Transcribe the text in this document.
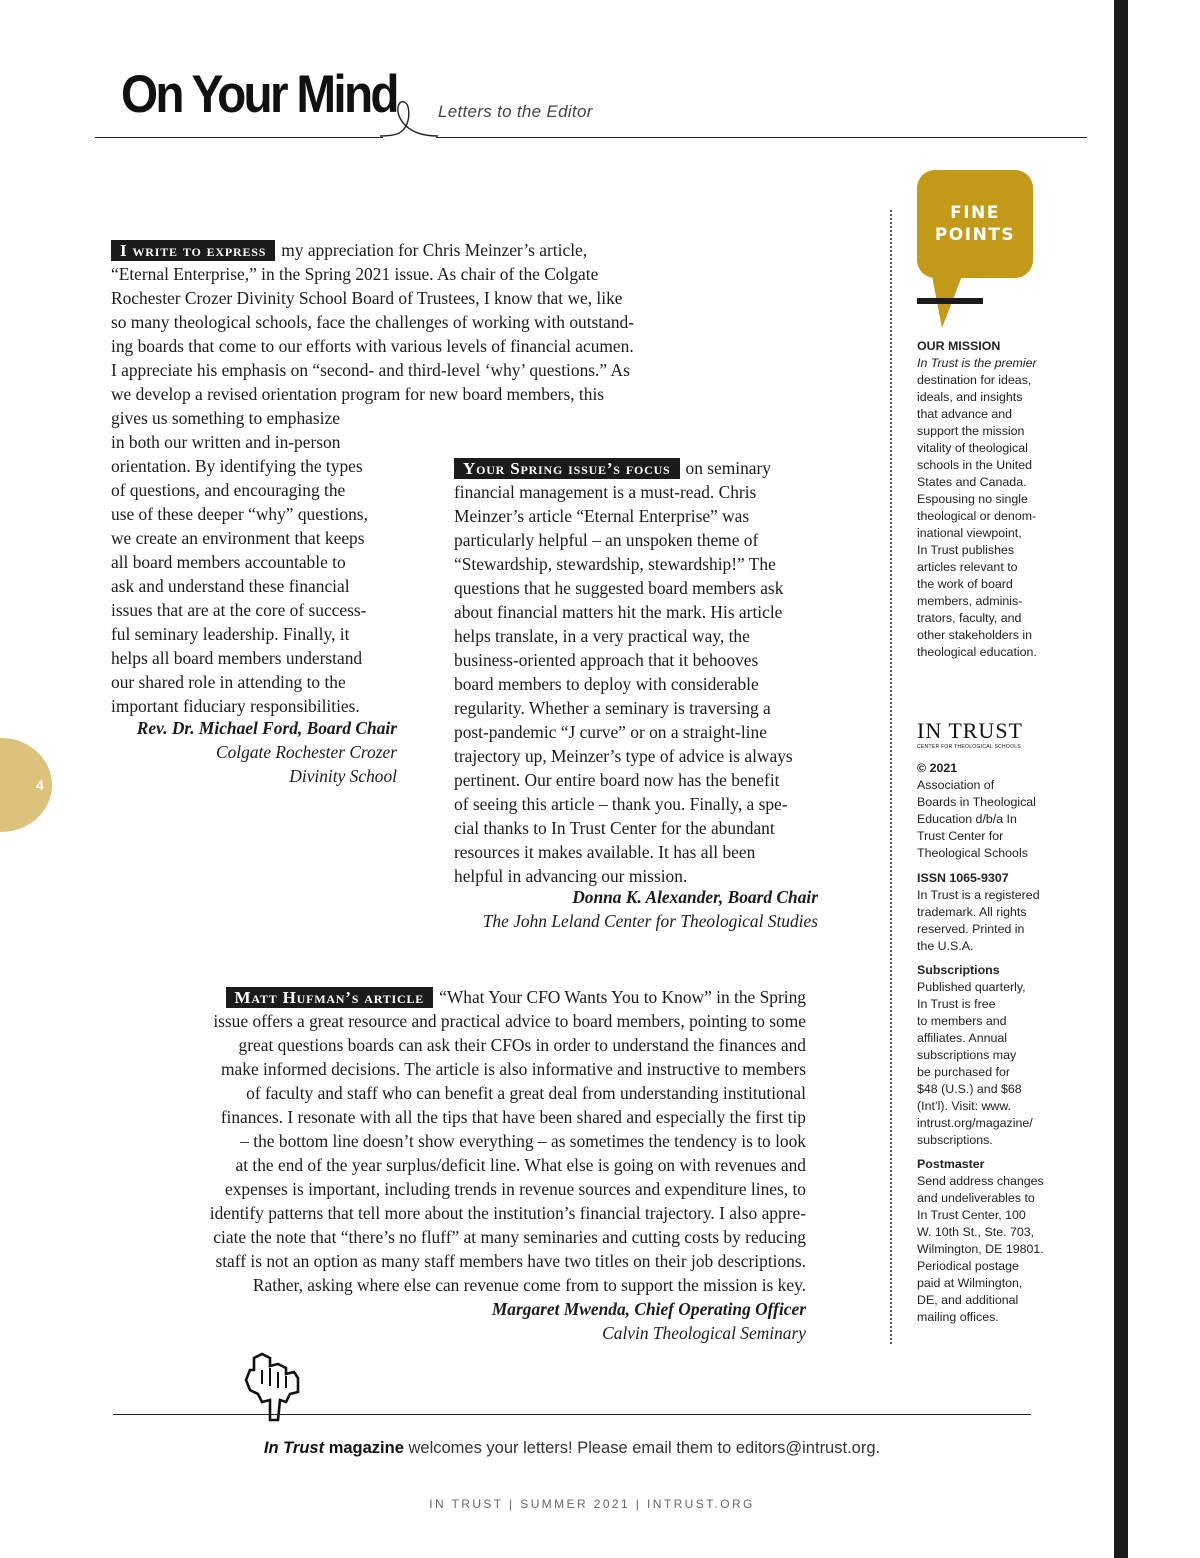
On Your Mind Letters to the Editor
I write to express my appreciation for Chris Meinzer’s article,
“Eternal Enterprise,” in the Spring 2021 issue. As chair of the Colgate
Rochester Crozer Divinity School Board of Trustees, I know that we, like
so many theological schools, face the challenges of working with outstand-
ing boards that come to our efforts with various levels of financial acumen.
I appreciate his emphasis on “second- and third-level ‘why’ questions.” As
we develop a revised orientation program for new board members, this
gives us something to emphasize
in both our written and in-person
orientation. By identifying the types
of questions, and encouraging the
use of these deeper “why” questions,
we create an environment that keeps
all board members accountable to
ask and understand these financial
issues that are at the core of success-
ful seminary leadership. Finally, it
helps all board members understand
our shared role in attending to the
important fiduciary responsibilities.
Rev. Dr. Michael Ford, Board Chair
Colgate Rochester Crozer
Divinity School
Your Spring issue’s focus on seminary
financial management is a must-read. Chris
Meinzer’s article “Eternal Enterprise” was
particularly helpful – an unspoken theme of
“Stewardship, stewardship, stewardship!” The
questions that he suggested board members ask
about financial matters hit the mark. His article
helps translate, in a very practical way, the
business-oriented approach that it behooves
board members to deploy with considerable
regularity. Whether a seminary is traversing a
post-pandemic “J curve” or on a straight-line
trajectory up, Meinzer’s type of advice is always
pertinent. Our entire board now has the benefit
of seeing this article – thank you. Finally, a spe-
cial thanks to In Trust Center for the abundant
resources it makes available. It has all been
helpful in advancing our mission.
Donna K. Alexander, Board Chair
The John Leland Center for Theological Studies
Matt Hufman’s article “What Your CFO Wants You to Know” in the Spring
issue offers a great resource and practical advice to board members, pointing to some
great questions boards can ask their CFOs in order to understand the finances and
make informed decisions. The article is also informative and instructive to members
of faculty and staff who can benefit a great deal from understanding institutional
finances. I resonate with all the tips that have been shared and especially the first tip
– the bottom line doesn’t show everything – as sometimes the tendency is to look
at the end of the year surplus/deficit line. What else is going on with revenues and
expenses is important, including trends in revenue sources and expenditure lines, to
identify patterns that tell more about the institution’s financial trajectory. I also appre-
ciate the note that “there’s no fluff” at many seminaries and cutting costs by reducing
staff is not an option as many staff members have two titles on their job descriptions.
Rather, asking where else can revenue come from to support the mission is key.
Margaret Mwenda, Chief Operating Officer
Calvin Theological Seminary
FINE
POINTS
OUR MISSION
In Trust is the premier
destination for ideas,
ideals, and insights
that advance and
support the mission
vitality of theological
schools in the United
States and Canada.
Espousing no single
theological or denom-
inational viewpoint,
In Trust publishes
articles relevant to
the work of board
members, adminis-
trators, faculty, and
other stakeholders in
theological education.
IN TRUST
CENTER FOR THEOLOGICAL SCHOOLS
© 2021
Association of
Boards in Theological
Education d/b/a In
Trust Center for
Theological Schools
ISSN 1065-9307
In Trust is a registered
trademark. All rights
reserved. Printed in
the U.S.A.
Subscriptions
Published quarterly,
In Trust is free
to members and
affiliates. Annual
subscriptions may
be purchased for
$48 (U.S.) and $68
(Int’l). Visit: www.
intrust.org/magazine/
subscriptions.
Postmaster
Send address changes
and undeliverables to
In Trust Center, 100
W. 10th St., Ste. 703,
Wilmington, DE 19801.
Periodical postage
paid at Wilmington,
DE, and additional
mailing offices.
4
In Trust magazine welcomes your letters! Please email them to editors@intrust.org.
IN TRUST | SUMMER 2021 | INTRUST.ORG
